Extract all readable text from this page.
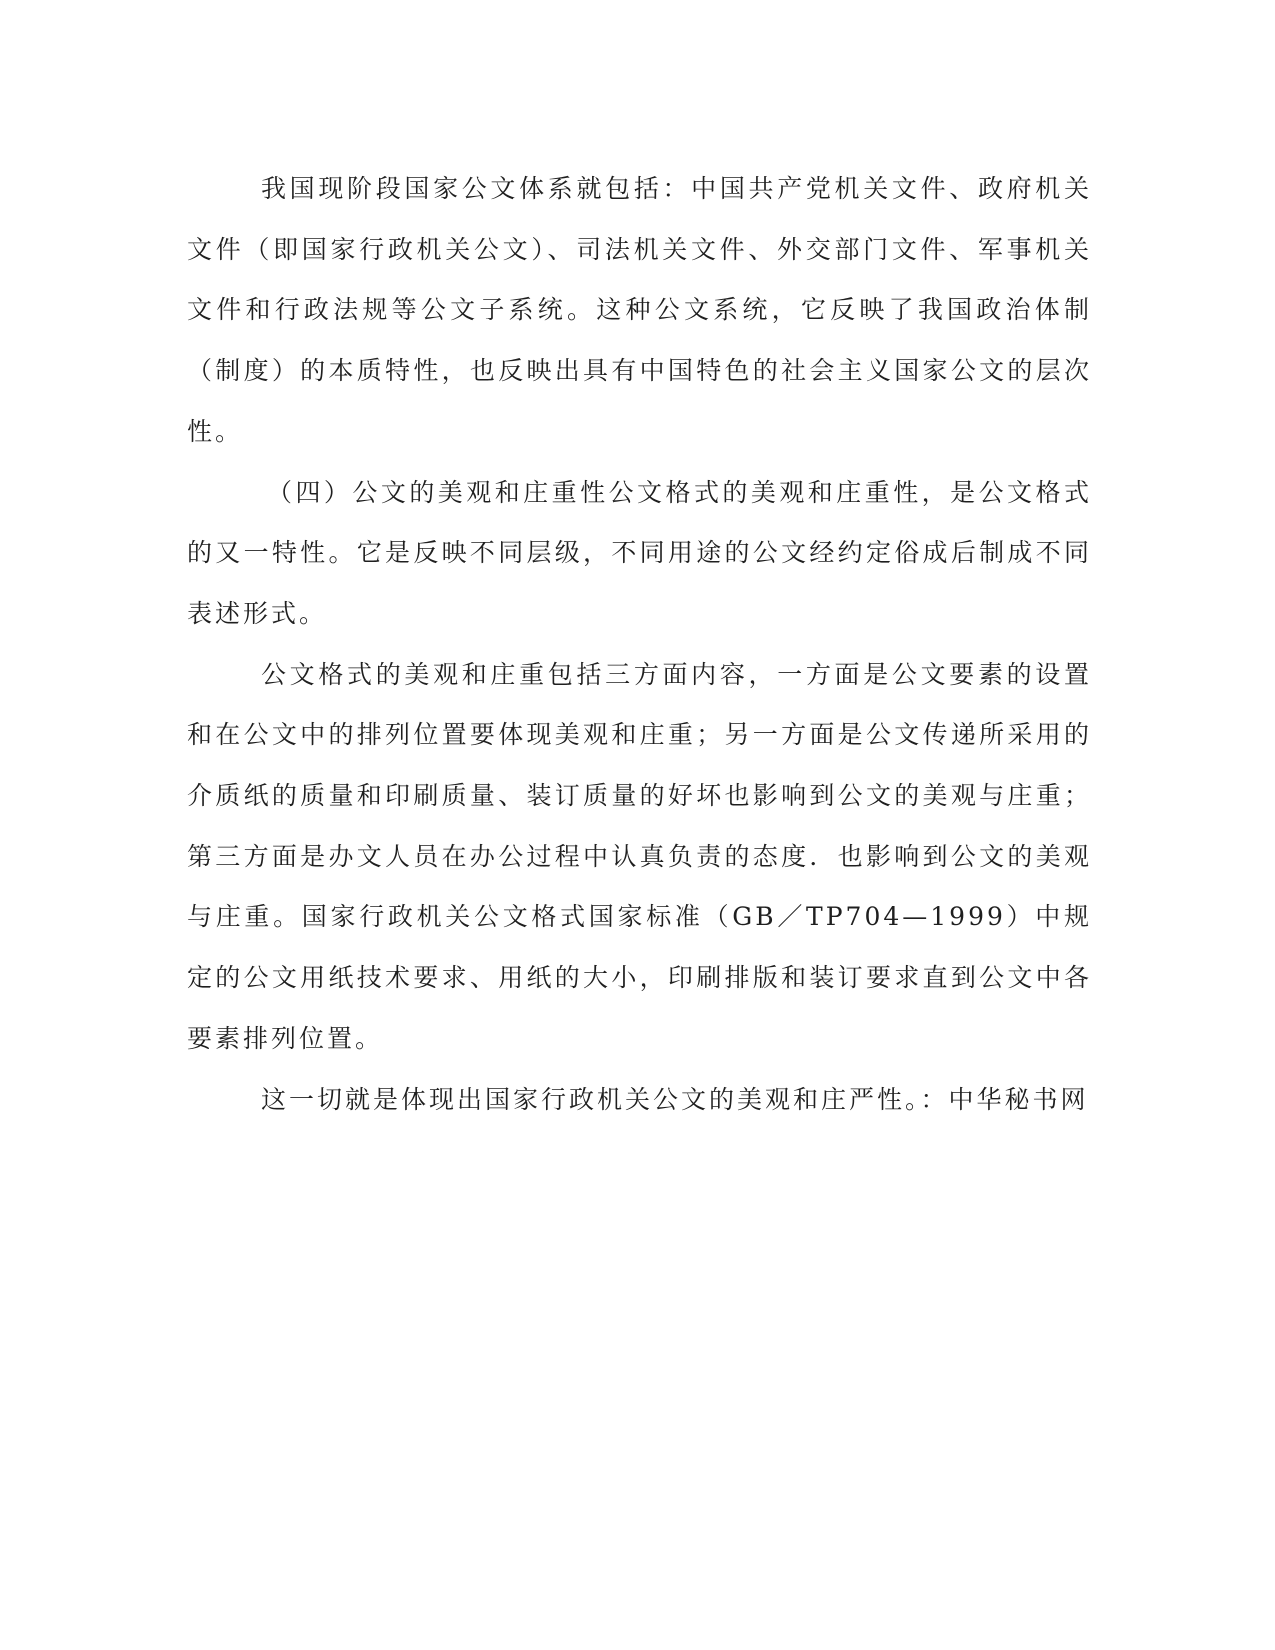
我国现阶段国家公文体系就包括：中国共产党机关文件、政府机关文件（即国家行政机关公文）、司法机关文件、外交部门文件、军事机关文件和行政法规等公文子系统。这种公文系统，它反映了我国政治体制（制度）的本质特性，也反映出具有中国特色的社会主义国家公文的层次性。

（四）公文的美观和庄重性公文格式的美观和庄重性，是公文格式的又一特性。它是反映不同层级，不同用途的公文经约定俗成后制成不同表述形式。

公文格式的美观和庄重包括三方面内容，一方面是公文要素的设置和在公文中的排列位置要体现美观和庄重；另一方面是公文传递所采用的介质纸的质量和印刷质量、装订质量的好坏也影响到公文的美观与庄重；第三方面是办文人员在办公过程中认真负责的态度．也影响到公文的美观与庄重。国家行政机关公文格式国家标准（GB／TP704—1999）中规定的公文用纸技术要求、用纸的大小，印刷排版和装订要求直到公文中各要素排列位置。

这一切就是体现出国家行政机关公文的美观和庄严性。：中华秘书网
